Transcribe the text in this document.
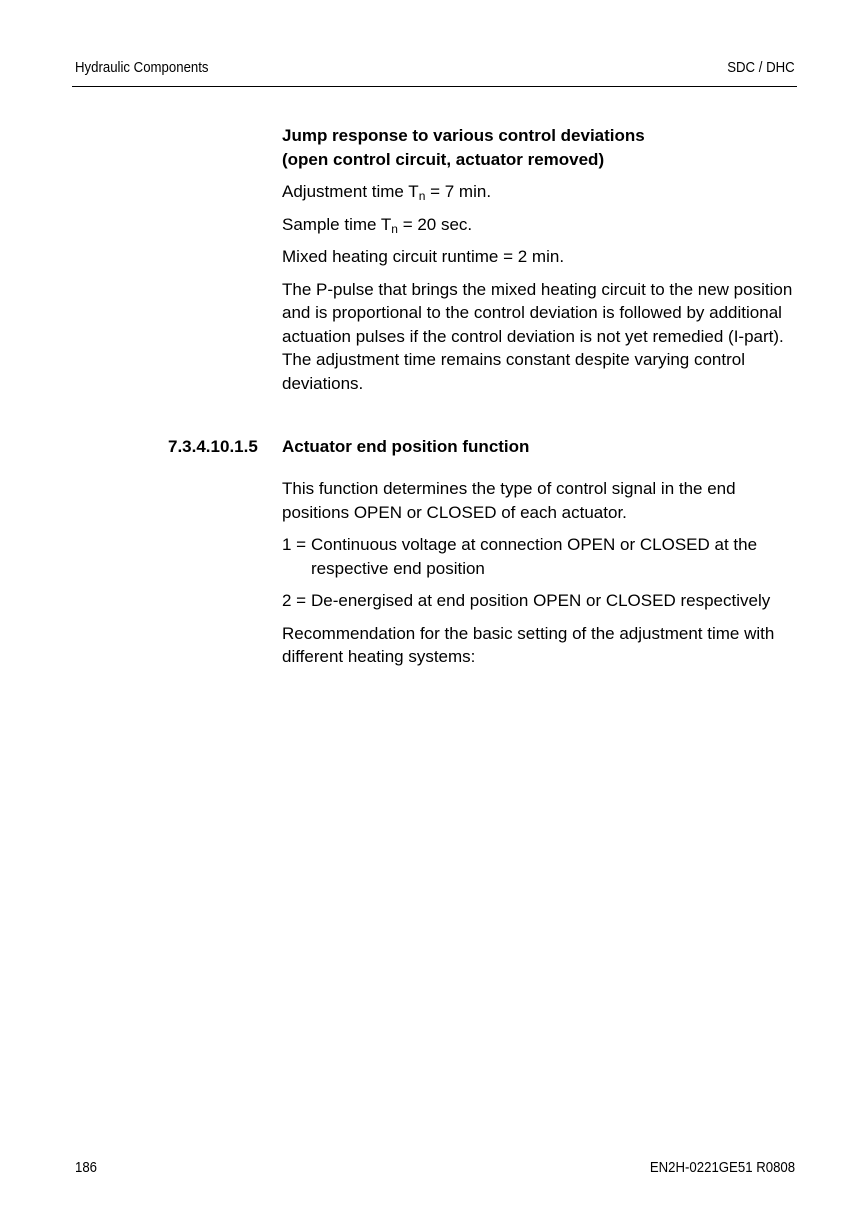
Hydraulic Components	SDC / DHC
Jump response to various control deviations
(open control circuit, actuator removed)

Adjustment time $T_n = 7$ min.

Sample time $T_n = 20$ sec.

Mixed heating circuit runtime = 2 min.

The P-pulse that brings the mixed heating circuit to the new position and is proportional to the control deviation is followed by additional actuation pulses if the control deviation is not yet remedied (I-part). The adjustment time remains constant despite varying control deviations.

7.3.4.10.1.5 Actuator end position function

This function determines the type of control signal in the end positions OPEN or CLOSED of each actuator.

1 = Continuous voltage at connection OPEN or CLOSED at the respective end position
2 = De-energised at end position OPEN or CLOSED respectively

Recommendation for the basic setting of the adjustment time with different heating systems:

186	EN2H-0221GE51 R0808
